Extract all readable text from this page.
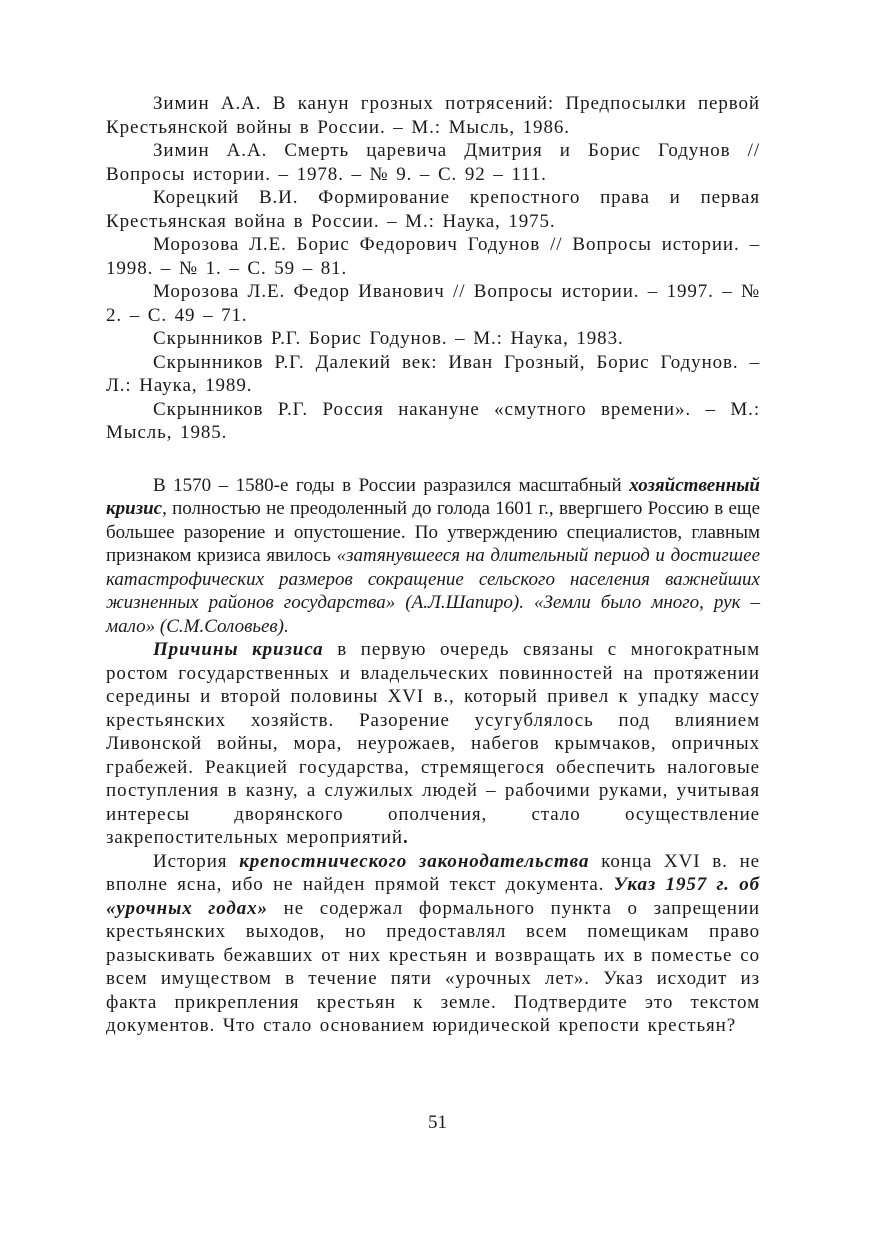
Зимин А.А. В канун грозных потрясений: Предпосылки первой Крестьянской войны в России. – М.: Мысль, 1986.

Зимин А.А. Смерть царевича Дмитрия и Борис Годунов // Вопросы истории. – 1978. – № 9. – С. 92 – 111.

Корецкий В.И. Формирование крепостного права и первая Крестьянская война в России. – М.: Наука, 1975.

Морозова Л.Е. Борис Федорович Годунов // Вопросы истории. – 1998. – № 1. – С. 59 – 81.

Морозова Л.Е. Федор Иванович // Вопросы истории. – 1997. – № 2. – С. 49 – 71.

Скрынников Р.Г. Борис Годунов. – М.: Наука, 1983.

Скрынников Р.Г. Далекий век: Иван Грозный, Борис Годунов. – Л.: Наука, 1989.

Скрынников Р.Г. Россия накануне «смутного времени». – М.: Мысль, 1985.

В 1570 – 1580-е годы в России разразился масштабный хозяйственный кризис, полностью не преодоленный до голода 1601 г., ввергшего Россию в еще большее разорение и опустошение. По утверждению специалистов, главным признаком кризиса явилось «затянувшееся на длительный период и достигшее катастрофических размеров сокращение сельского населения важнейших жизненных районов государства» (А.Л.Шапиро). «Земли было много, рук – мало» (С.М.Соловьев).

Причины кризиса в первую очередь связаны с многократным ростом государственных и владельческих повинностей на протяжении середины и второй половины XVI в., который привел к упадку массу крестьянских хозяйств. Разорение усугублялось под влиянием Ливонской войны, мора, неурожаев, набегов крымчаков, опричных грабежей. Реакцией государства, стремящегося обеспечить налоговые поступления в казну, а служилых людей – рабочими руками, учитывая интересы дворянского ополчения, стало осуществление закрепостительных мероприятий.

История крепостнического законодательства конца XVI в. не вполне ясна, ибо не найден прямой текст документа. Указ 1957 г. об «урочных годах» не содержал формального пункта о запрещении крестьянских выходов, но предоставлял всем помещикам право разыскивать бежавших от них крестьян и возвращать их в поместье со всем имуществом в течение пяти «урочных лет». Указ исходит из факта прикрепления крестьян к земле. Подтвердите это текстом документов. Что стало основанием юридической крепости крестьян?

51
